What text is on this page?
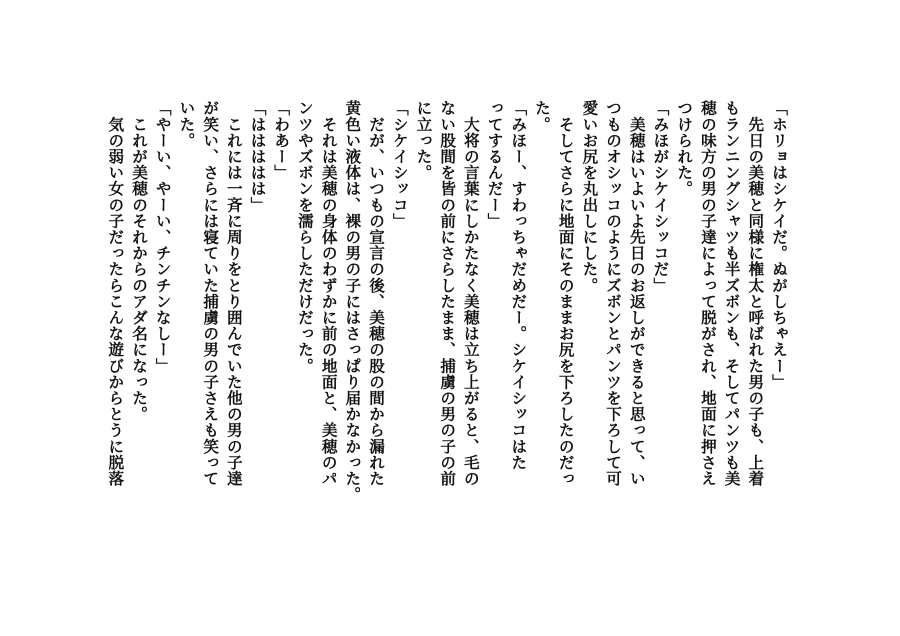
「ホリョはシケイだ。ぬがしちゃえー」
　先日の美穂と同様に権太と呼ばれた男の子も、上着
もランニングシャツも半ズボンも、そしてパンツも美
穂の味方の男の子達によって脱がされ、地面に押さえ
つけられた。
「みほがシケイシッコだ」
　美穂はいよいよ先日のお返しができると思って、い
つものオシッコのようにズボンとパンツを下ろして可
愛いお尻を丸出しにした。
　そしてさらに地面にそのままお尻を下ろしたのだっ
た。
「みほー、すわっちゃだめだー。シケイシッコはた
ってするんだー」
　大将の言葉にしかたなく美穂は立ち上がると、毛の
ない股間を皆の前にさらしたまま、捕虜の男の子の前
に立った。
「シケイシッコ」
　だが、いつもの宣言の後、美穂の股の間から漏れた
黄色い液体は、裸の男の子にはさっぱり届かなかった。
　それは美穂の身体のわずかに前の地面と、美穂のパ
ンツやズボンを濡らしただけだった。
「わあー」
「ははははは」
　これには一斉に周りをとり囲んでいた他の男の子達
が笑い、さらには寝ていた捕虜の男の子さえも笑って
いた。
「やーい、やーい、チンチンなしー」
　これが美穂のそれからのアダ名になった。
　気の弱い女の子だったらこんな遊びからとうに脱落
